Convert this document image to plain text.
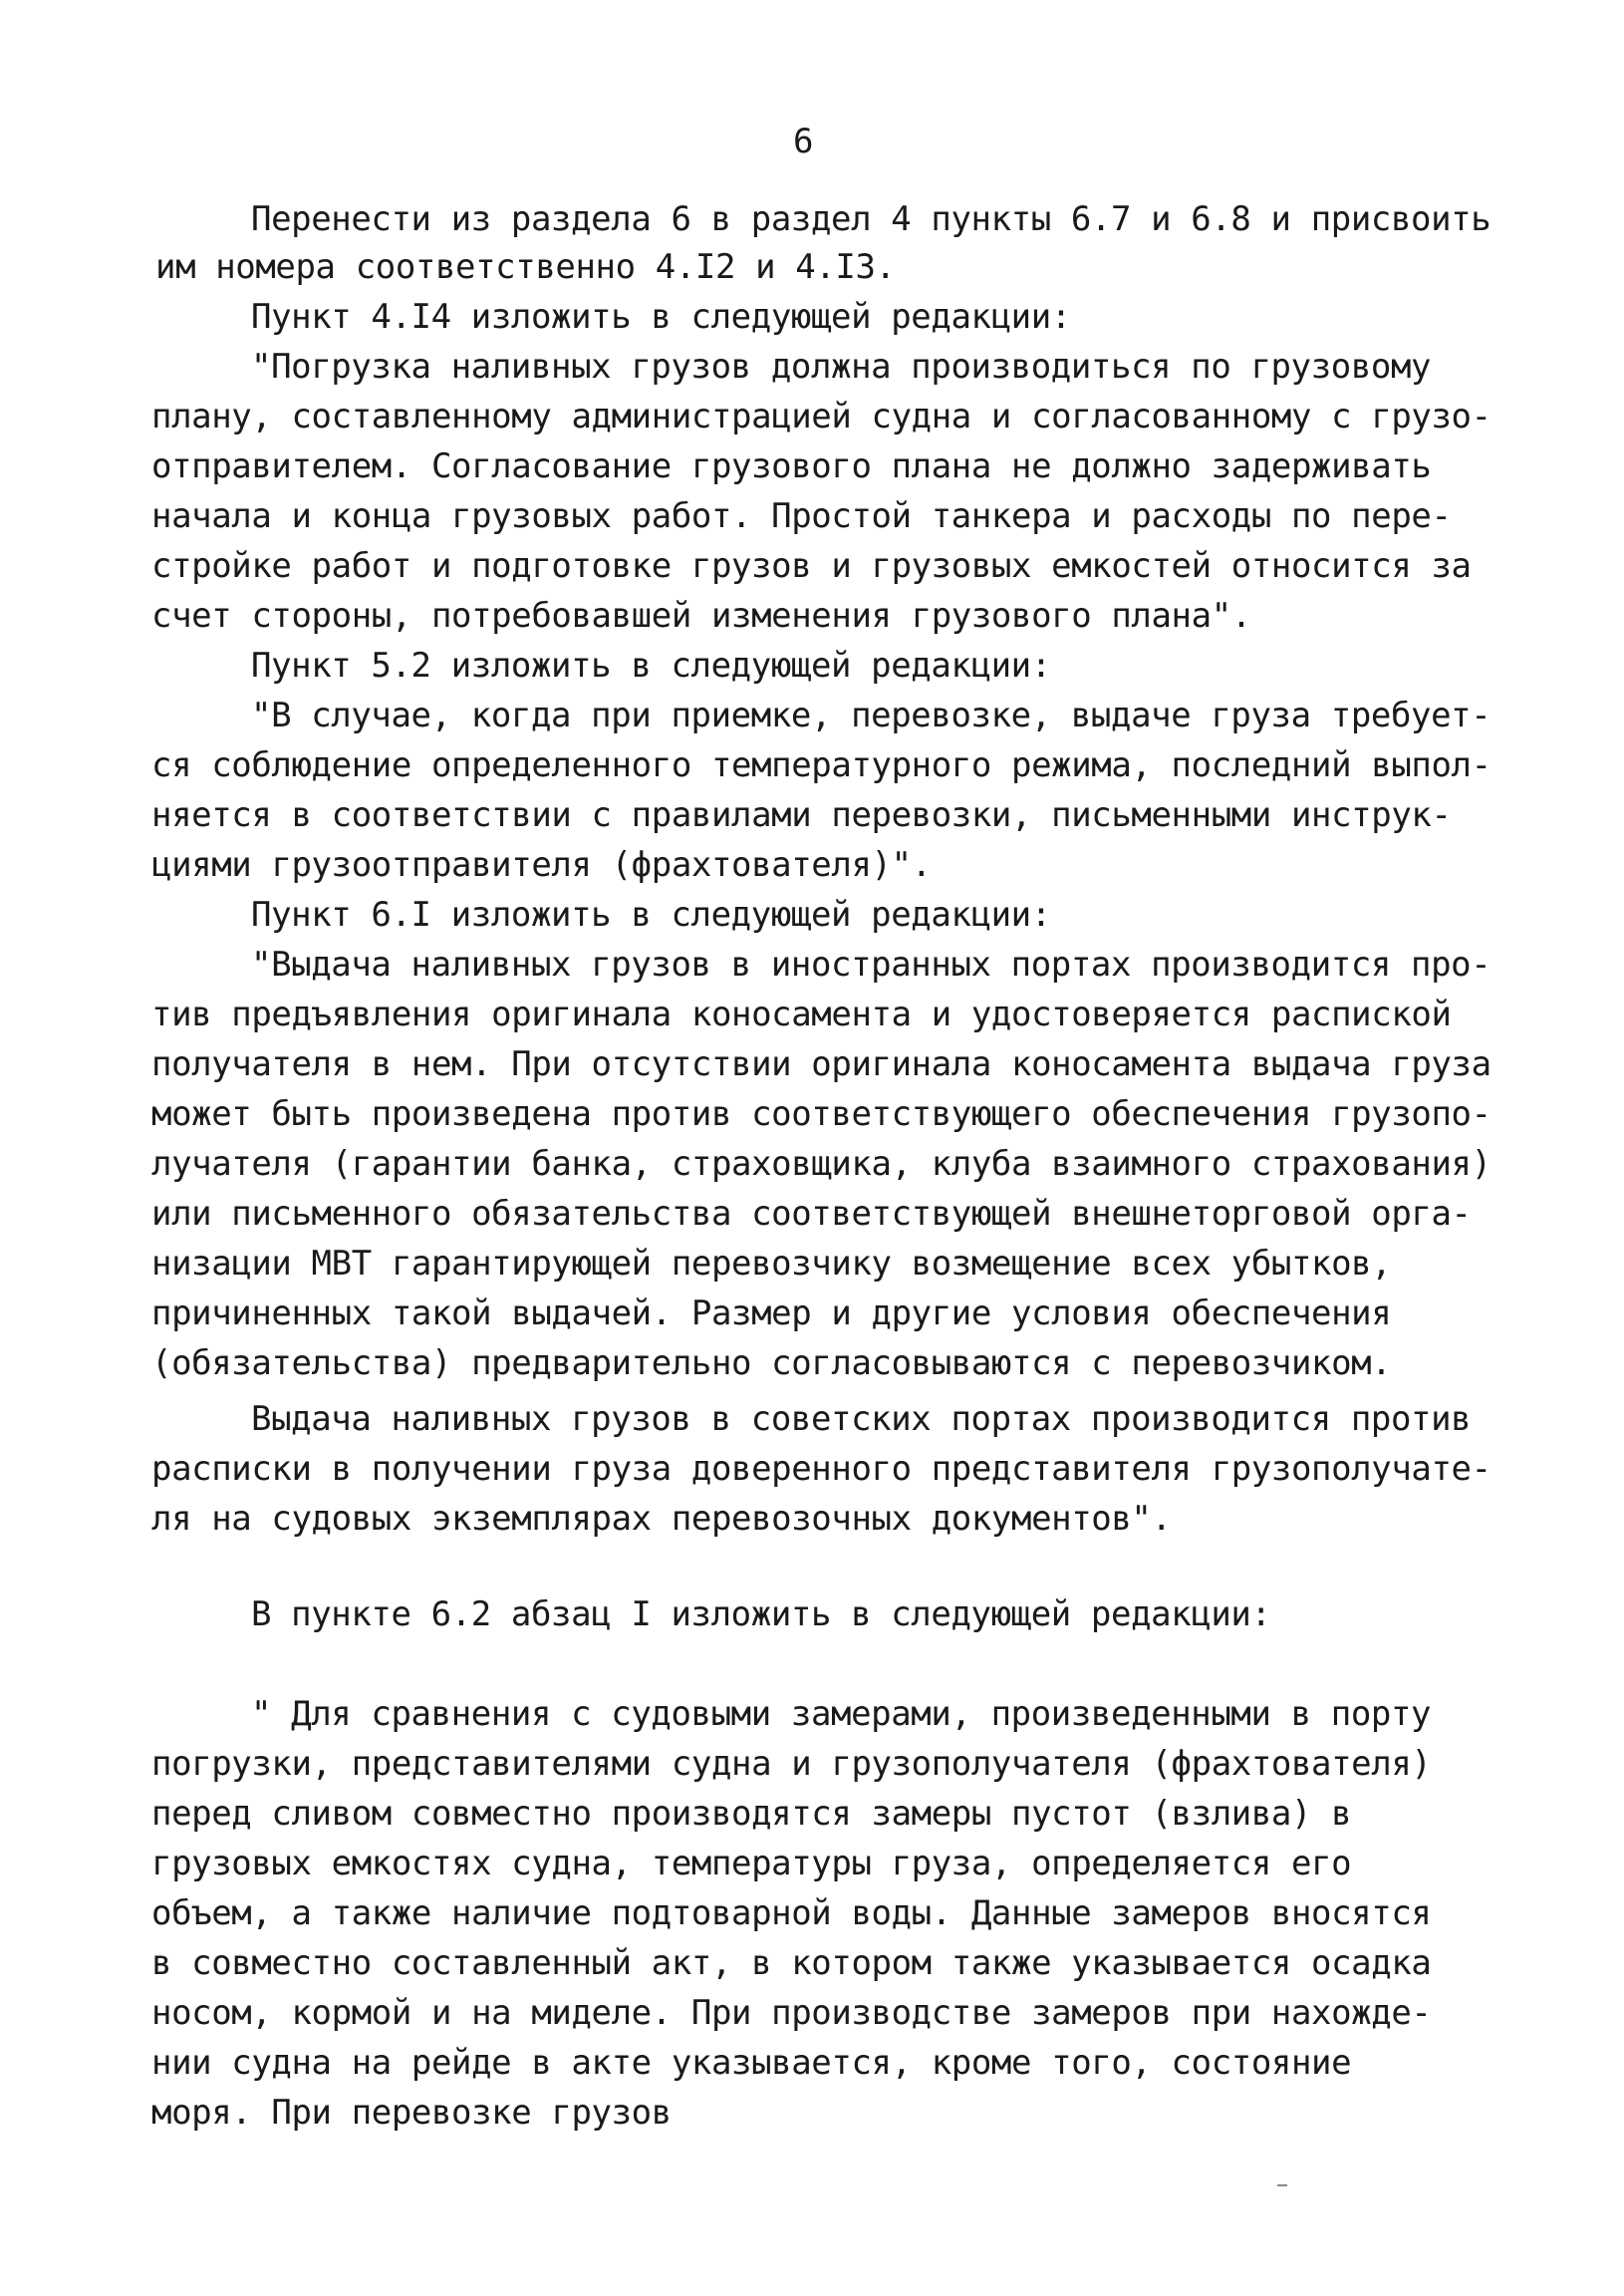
6
Перенести из раздела 6 в раздел 4 пункты 6.7 и 6.8 и присвоить
им номера соответственно 4.I2 и 4.I3.
Пункт 4.I4 изложить в следующей редакции:
"Погрузка наливных грузов должна производиться по грузовому
плану, составленному администрацией судна и согласованному с грузо-
отправителем. Согласование грузового плана не должно задерживать
начала и конца грузовых работ. Простой танкера и расходы по пере-
стройке работ и подготовке грузов и грузовых емкостей относится за
счет стороны, потребовавшей изменения грузового плана".
Пункт 5.2 изложить в следующей редакции:
"В случае, когда при приемке, перевозке, выдаче груза требует-
ся соблюдение определенного температурного режима, последний выпол-
няется в соответствии с правилами перевозки, письменными инструк-
циями грузоотправителя (фрахтователя)".
Пункт 6.I изложить в следующей редакции:
"Выдача наливных грузов в иностранных портах производится про-
тив предъявления оригинала коносамента и удостоверяется распиской
получателя в нем. При отсутствии оригинала коносамента выдача груза
может быть произведена против соответствующего обеспечения грузопо-
лучателя (гарантии банка, страховщика, клуба взаимного страхования)
или письменного обязательства соответствующей внешнеторговой орга-
низации МВТ гарантирующей перевозчику возмещение всех убытков,
причиненных такой выдачей. Размер и другие условия обеспечения
(обязательства) предварительно согласовываются с перевозчиком.
Выдача наливных грузов в советских портах производится против
расписки в получении груза доверенного представителя грузополучате-
ля на судовых экземплярах перевозочных документов".
В пункте 6.2 абзац I изложить в следующей редакции:
" Для сравнения с судовыми замерами, произведенными в порту
погрузки, представителями судна и грузополучателя (фрахтователя)
перед сливом совместно производятся замеры пустот (взлива) в
грузовых емкостях судна, температуры груза, определяется его
объем, а также наличие подтоварной воды. Данные замеров вносятся
в совместно составленный акт, в котором также указывается осадка
носом, кормой и на миделе. При производстве замеров при нахожде-
нии судна на рейде в акте указывается, кроме того, состояние
моря. При перевозке грузов
